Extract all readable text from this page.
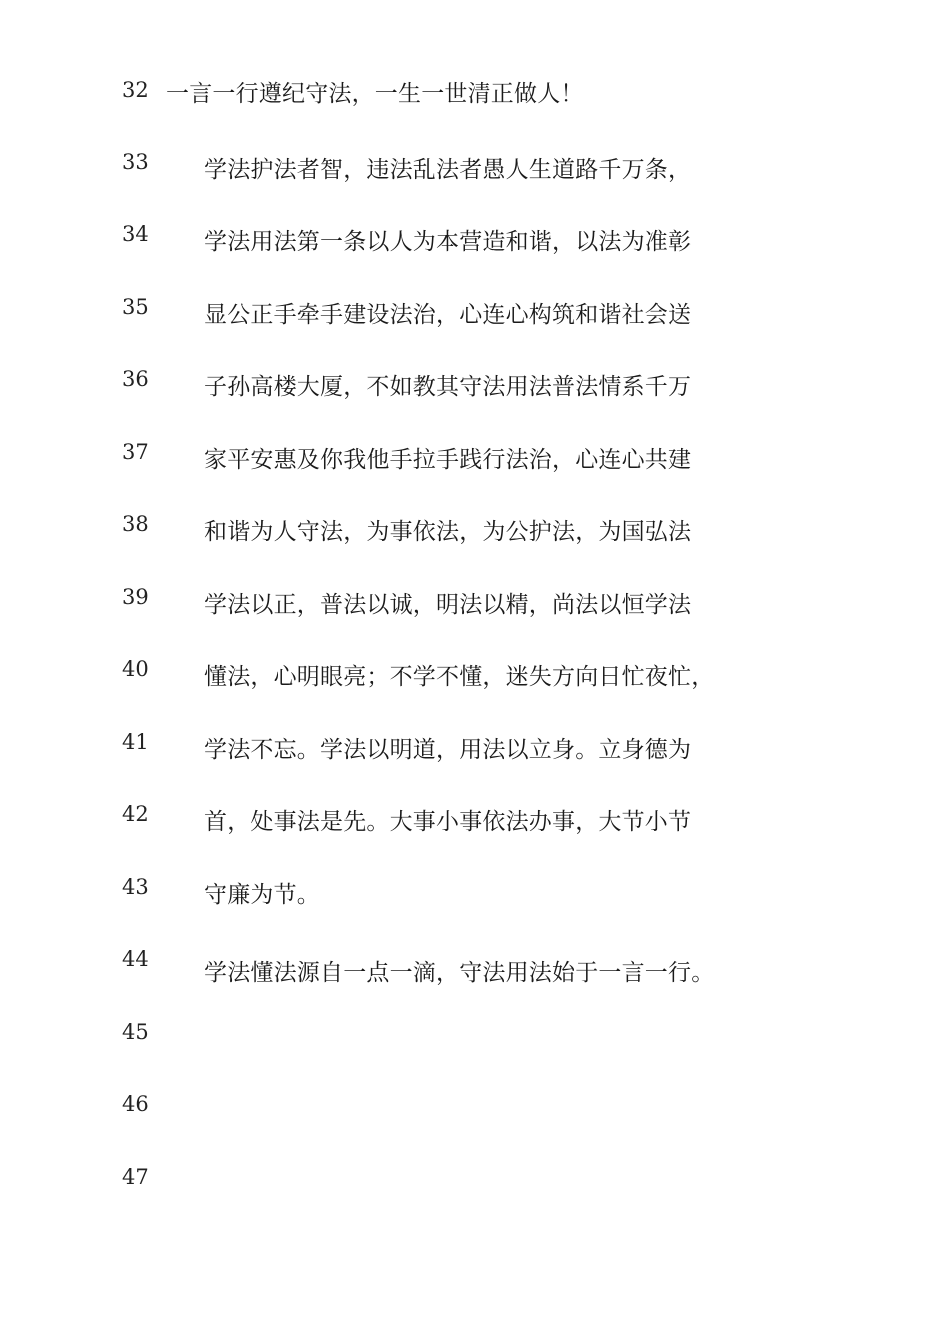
32 一言一行遵纪守法，一生一世清正做人！
33 学法护法者智，违法乱法者愚人生道路千万条，
34 学法用法第一条以人为本营造和谐，以法为准彰
35 显公正手牵手建设法治，心连心构筑和谐社会送
36 子孙高楼大厦，不如教其守法用法普法情系千万
37 家平安惠及你我他手拉手践行法治，心连心共建
38 和谐为人守法，为事依法，为公护法，为国弘法
39 学法以正，普法以诚，明法以精，尚法以恒学法
40 懂法，心明眼亮；不学不懂，迷失方向日忙夜忙，
41 学法不忘。学法以明道，用法以立身。立身德为
42 首，处事法是先。大事小事依法办事，大节小节
43 守廉为节。
44
学法懂法源自一点一滴，守法用法始于一言一行。
45
46
47
